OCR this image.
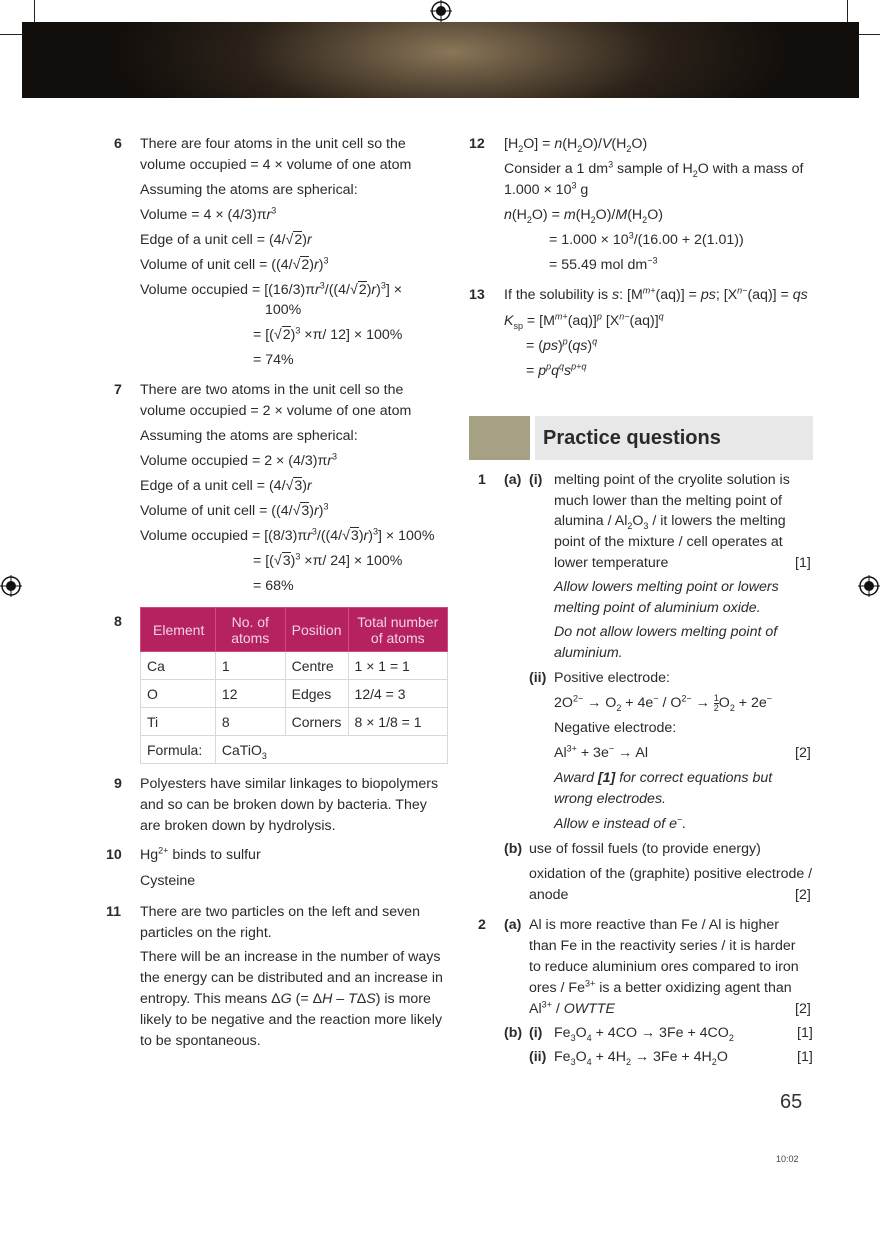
6 There are four atoms in the unit cell so the
volume occupied = 4 × volume of one atom
Assuming the atoms are spherical:
Volume = $4 \times (4/3)\pi r^3$
Edge of a unit cell = (4/√2)r
Volume of unit cell = $((4/√2)r)^3$
Volume occupied = $[(16/3)\pi r^3/((4/√2)r)^3]$ ×
100%
= [$(√2)^3 \times\pi/$ 12] × 100%
= 74%
7 There are two atoms in the unit cell so the
volume occupied = 2 × volume of one atom
Assuming the atoms are spherical:
Volume occupied = $2 \times (4/3)\pi r^3$
Edge of a unit cell = (4/√3)r
Volume of unit cell = $((4/√3)r)^3$
Volume occupied = $[(8/3)\pi r^3/((4/√3)r)^3] \times 100\%$
= [$(√3)^3 \times\pi/$ 24] × 100%
= 68%
8 Element	No. of atoms	Position	Total number of atoms
Ca	1	Centre	1 × 1 = 1
O	12	Edges	12/4 = 3
Ti	8	Corners	8 × 1/8 = 1
Formula:	CaTiO$_3$
9 Polyesters have similar linkages to biopolymers
and so can be broken down by bacteria. They
are broken down by hydrolysis.
10 $Hg^{2+}$ binds to sulfur
Cysteine
11 There are two particles on the left and seven
particles on the right.
There will be an increase in the number of ways
the energy can be distributed and an increase in
entropy. This means ΔG (= ΔH – TΔS) is more
likely to be negative and the reaction more likely
to be spontaneous.
12 $[H_2O] = n(H_2O)/V(H_2O)$
Consider a 1 $dm^3$ sample of $H_2O$ with a mass of
$1.000 \times 10^3$ g
$n(H_2O) = m(H_2O)/M(H_2O)$
= $1.000 \times 10^3/(16.00 + 2(1.01))$
= 55.49 mol $dm^{-3}$
13 If the solubility is s: $[M^{m+}(aq)]$ = ps; $[X^{n-}(aq)]$ = qs
$K_{sp} = [M^{m+}(aq)]^p$ $[X^{n-}(aq)]^q$
= (ps)$^p$(qs)$^q$
= $p^pq^qs^{p+q}$
Practice questions
1 (a) (i) melting point of the cryolite solution is
much lower than the melting point of
alumina / $Al_2O_3$ / it lowers the melting
point of the mixture / cell operates at
lower temperature	[1]
Allow lowers melting point or lowers
melting point of aluminium oxide.
Do not allow lowers melting point of
aluminium.
(ii) Positive electrode:
$2O^{2-} \to O_2 + 4e^- / O^{2-} \to \frac{1}{2} O_2 + 2e^-$
Negative electrode:
$Al^{3+} + 3e^- \to Al$	[2]
Award [1] for correct equations but
wrong electrodes.
Allow e instead of e−.
(b) use of fossil fuels (to provide energy)
oxidation of the (graphite) positive electrode /
anode	[2]
2 (a) Al is more reactive than Fe / Al is higher
than Fe in the reactivity series / it is harder
to reduce aluminium ores compared to iron
ores / $Fe^{3+}$ is a better oxidizing agent than
$Al^{3+}$ / OWTTE	[2]
(b) (i) $Fe_3O_4 + 4CO \to 3Fe + 4CO_2$	[1]
(ii) $Fe_3O_4 + 4H_2 \to 3Fe + 4H_2O$	[1]
65
10:02
